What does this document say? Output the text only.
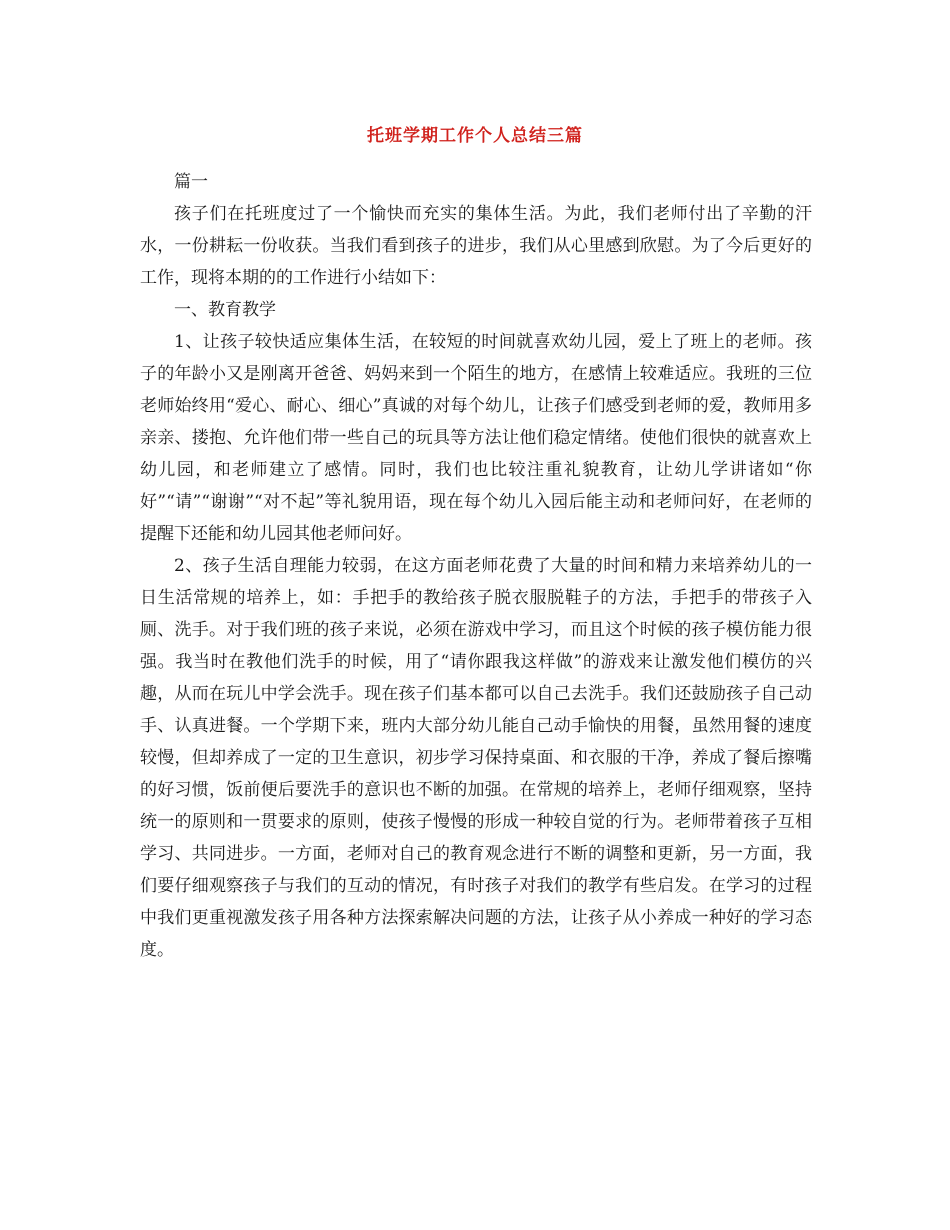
托班学期工作个人总结三篇

篇一

孩子们在托班度过了一个愉快而充实的集体生活。为此，我们老师付出了辛勤的汗水，一份耕耘一份收获。当我们看到孩子的进步，我们从心里感到欣慰。为了今后更好的工作，现将本期的的工作进行小结如下：

一、教育教学

1、让孩子较快适应集体生活，在较短的时间就喜欢幼儿园，爱上了班上的老师。孩子的年龄小又是刚离开爸爸、妈妈来到一个陌生的地方，在感情上较难适应。我班的三位老师始终用“爱心、耐心、细心”真诚的对每个幼儿，让孩子们感受到老师的爱，教师用多亲亲、搂抱、允许他们带一些自己的玩具等方法让他们稳定情绪。使他们很快的就喜欢上幼儿园，和老师建立了感情。同时，我们也比较注重礼貌教育，让幼儿学讲诸如“你好”“请”“谢谢”“对不起”等礼貌用语，现在每个幼儿入园后能主动和老师问好，在老师的提醒下还能和幼儿园其他老师问好。

2、孩子生活自理能力较弱，在这方面老师花费了大量的时间和精力来培养幼儿的一日生活常规的培养上，如：手把手的教给孩子脱衣服脱鞋子的方法，手把手的带孩子入厕、洗手。对于我们班的孩子来说，必须在游戏中学习，而且这个时候的孩子模仿能力很强。我当时在教他们洗手的时候，用了“请你跟我这样做”的游戏来让激发他们模仿的兴趣，从而在玩儿中学会洗手。现在孩子们基本都可以自己去洗手。我们还鼓励孩子自己动手、认真进餐。一个学期下来，班内大部分幼儿能自己动手愉快的用餐，虽然用餐的速度较慢，但却养成了一定的卫生意识，初步学习保持桌面、和衣服的干净，养成了餐后擦嘴的好习惯，饭前便后要洗手的意识也不断的加强。在常规的培养上，老师仔细观察，坚持统一的原则和一贯要求的原则，使孩子慢慢的形成一种较自觉的行为。老师带着孩子互相学习、共同进步。一方面，老师对自己的教育观念进行不断的调整和更新，另一方面，我们要仔细观察孩子与我们的互动的情况，有时孩子对我们的教学有些启发。在学习的过程中我们更重视激发孩子用各种方法探索解决问题的方法，让孩子从小养成一种好的学习态度。
